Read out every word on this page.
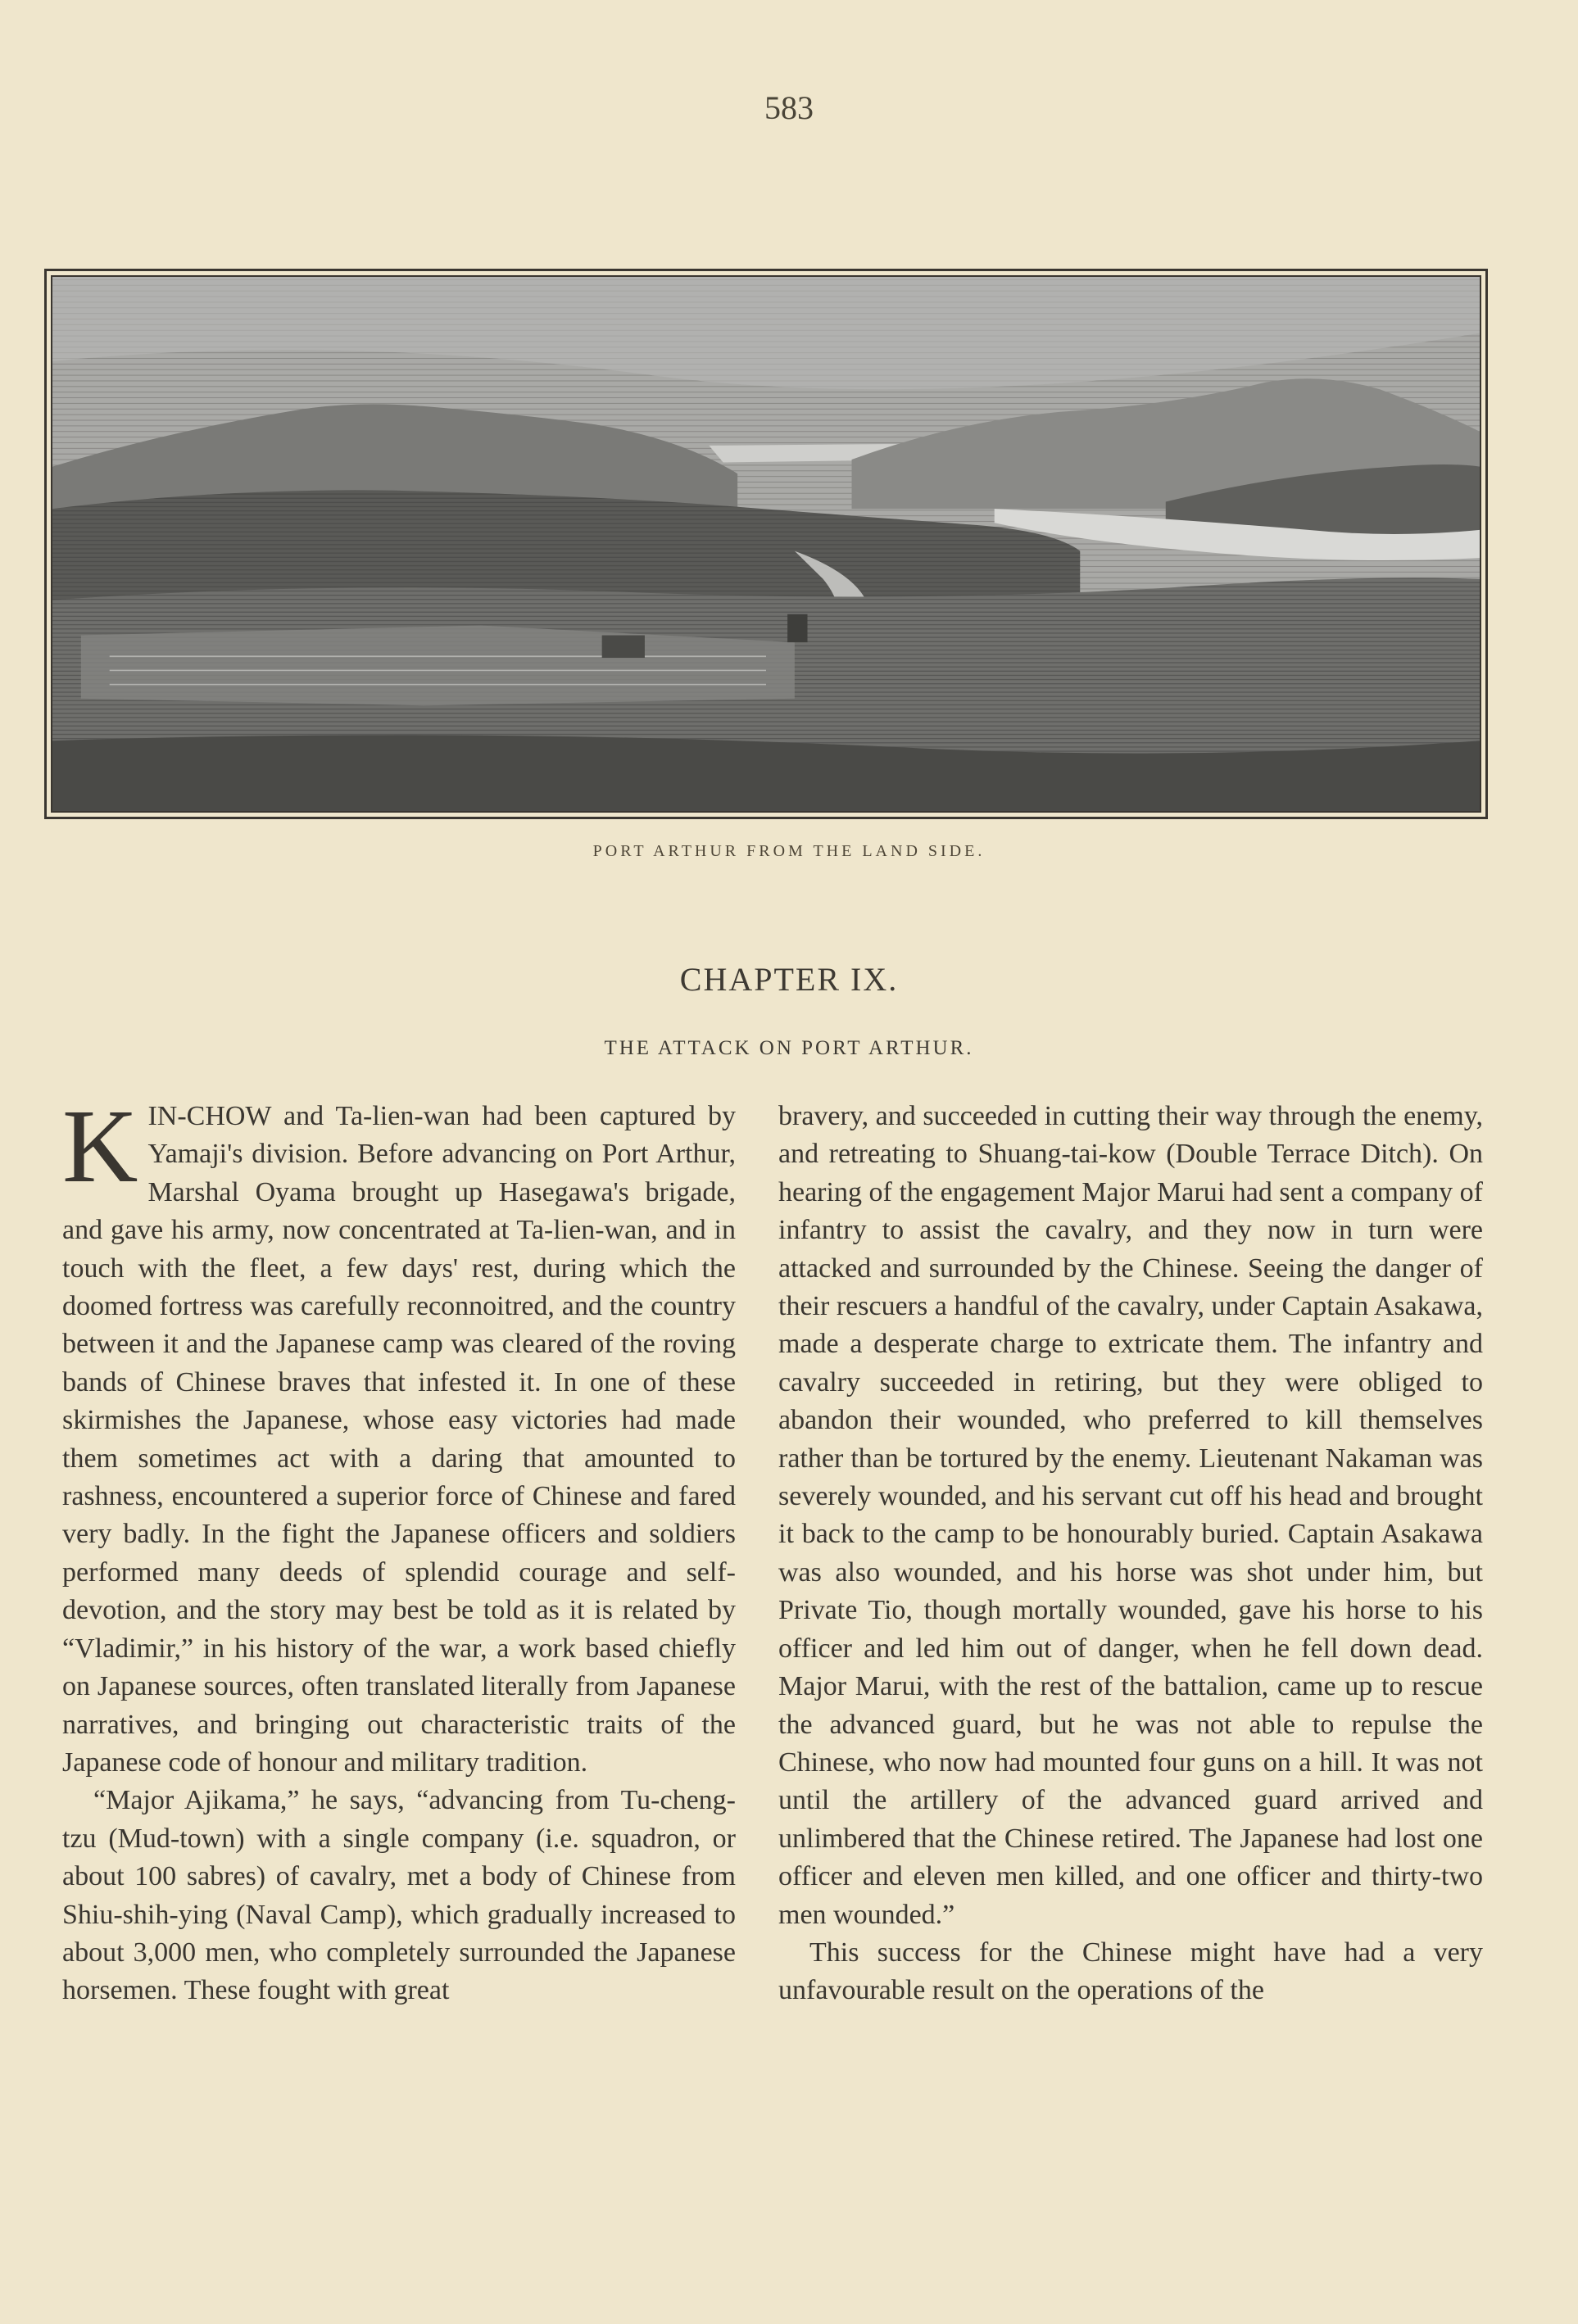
583
PORT ARTHUR FROM THE LAND SIDE.
CHAPTER IX.
THE ATTACK ON PORT ARTHUR.

KIN-CHOW and Ta-lien-wan had been captured by Yamaji's division. Before advancing on Port Arthur, Marshal Oyama brought up Hasegawa's brigade, and gave his army, now concentrated at Ta-lien-wan, and in touch with the fleet, a few days' rest, during which the doomed fortress was carefully reconnoitred, and the country between it and the Japanese camp was cleared of the roving bands of Chinese braves that infested it. In one of these skirmishes the Japanese, whose easy victories had made them sometimes act with a daring that amounted to rashness, encountered a superior force of Chinese and fared very badly. In the fight the Japanese officers and soldiers performed many deeds of splendid courage and self-devotion, and the story may best be told as it is related by “Vladimir,” in his history of the war, a work based chiefly on Japanese sources, often translated literally from Japanese narratives, and bringing out characteristic traits of the Japanese code of honour and military tradition.

“Major Ajikama,” he says, “advancing from Tu-cheng-tzu (Mud-town) with a single company (i.e. squadron, or about 100 sabres) of cavalry, met a body of Chinese from Shiu-shih-ying (Naval Camp), which gradually increased to about 3,000 men, who completely surrounded the Japanese horsemen. These fought with great

bravery, and succeeded in cutting their way through the enemy, and retreating to Shuang-tai-kow (Double Terrace Ditch). On hearing of the engagement Major Marui had sent a company of infantry to assist the cavalry, and they now in turn were attacked and surrounded by the Chinese. Seeing the danger of their rescuers a handful of the cavalry, under Captain Asakawa, made a desperate charge to extricate them. The infantry and cavalry succeeded in retiring, but they were obliged to abandon their wounded, who preferred to kill themselves rather than be tortured by the enemy. Lieutenant Nakaman was severely wounded, and his servant cut off his head and brought it back to the camp to be honourably buried. Captain Asakawa was also wounded, and his horse was shot under him, but Private Tio, though mortally wounded, gave his horse to his officer and led him out of danger, when he fell down dead. Major Marui, with the rest of the battalion, came up to rescue the advanced guard, but he was not able to repulse the Chinese, who now had mounted four guns on a hill. It was not until the artillery of the advanced guard arrived and unlimbered that the Chinese retired. The Japanese had lost one officer and eleven men killed, and one officer and thirty-two men wounded.”

This success for the Chinese might have had a very unfavourable result on the operations of the
